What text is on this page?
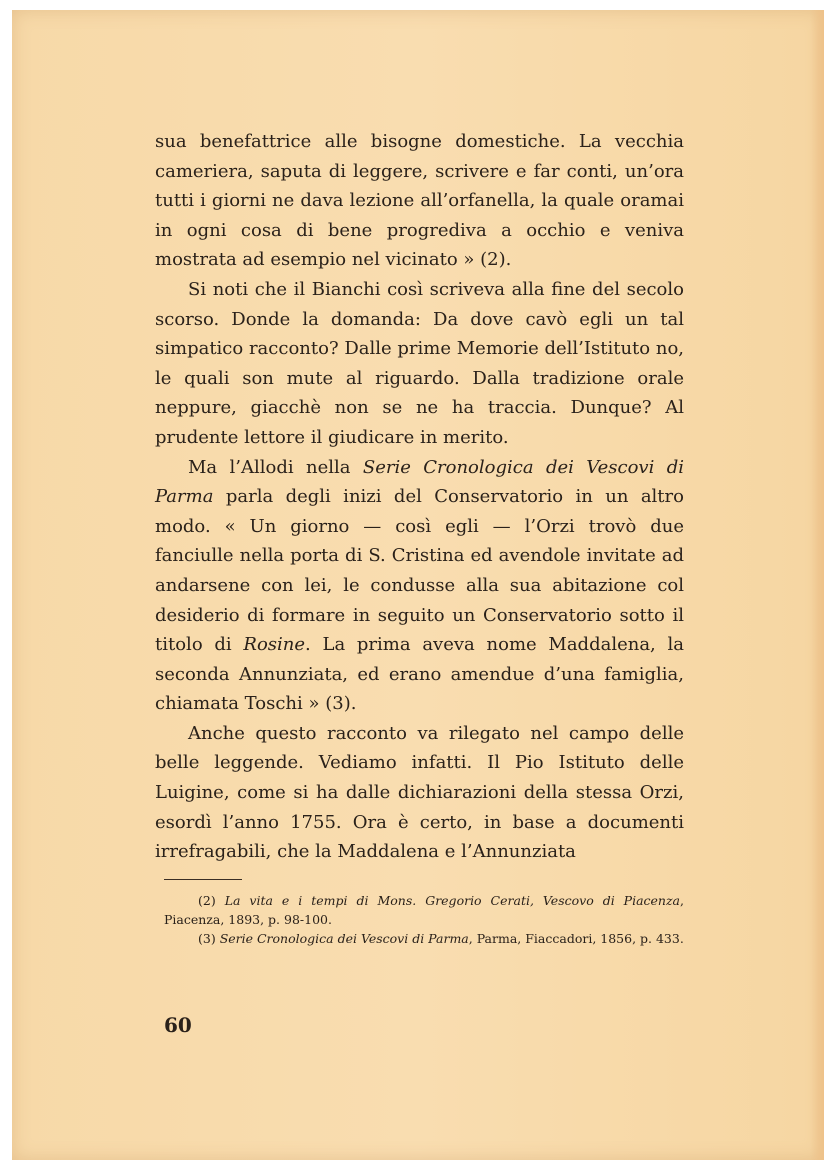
sua benefattrice alle bisogne domestiche. La vecchia cameriera, saputa di leggere, scrivere e far conti, un’ora tutti i giorni ne dava lezione all’orfanella, la quale oramai in ogni cosa di bene progrediva a occhio e veniva mostrata ad esempio nel vicinato » (2).

Si noti che il Bianchi così scriveva alla fine del secolo scorso. Donde la domanda: Da dove cavò egli un tal simpatico racconto? Dalle prime Memorie dell’Istituto no, le quali son mute al riguardo. Dalla tradizione orale neppure, giacchè non se ne ha traccia. Dunque? Al prudente lettore il giudicare in merito.

Ma l’Allodi nella Serie Cronologica dei Vescovi di Parma parla degli inizi del Conservatorio in un altro modo. « Un giorno — così egli — l’Orzi trovò due fanciulle nella porta di S. Cristina ed avendole invitate ad andarsene con lei, le condusse alla sua abitazione col desiderio di formare in seguito un Conservatorio sotto il titolo di Rosine. La prima aveva nome Maddalena, la seconda Annunziata, ed erano amendue d’una famiglia, chiamata Toschi » (3).

Anche questo racconto va rilegato nel campo delle belle leggende. Vediamo infatti. Il Pio Istituto delle Luigine, come si ha dalle dichiarazioni della stessa Orzi, esordì l’anno 1755. Ora è certo, in base a documenti irrefragabili, che la Maddalena e l’Annunziata

(2) La vita e i tempi di Mons. Gregorio Cerati, Vescovo di Piacenza, Piacenza, 1893, p. 98-100.

(3) Serie Cronologica dei Vescovi di Parma, Parma, Fiaccadori, 1856, p. 433.

60
